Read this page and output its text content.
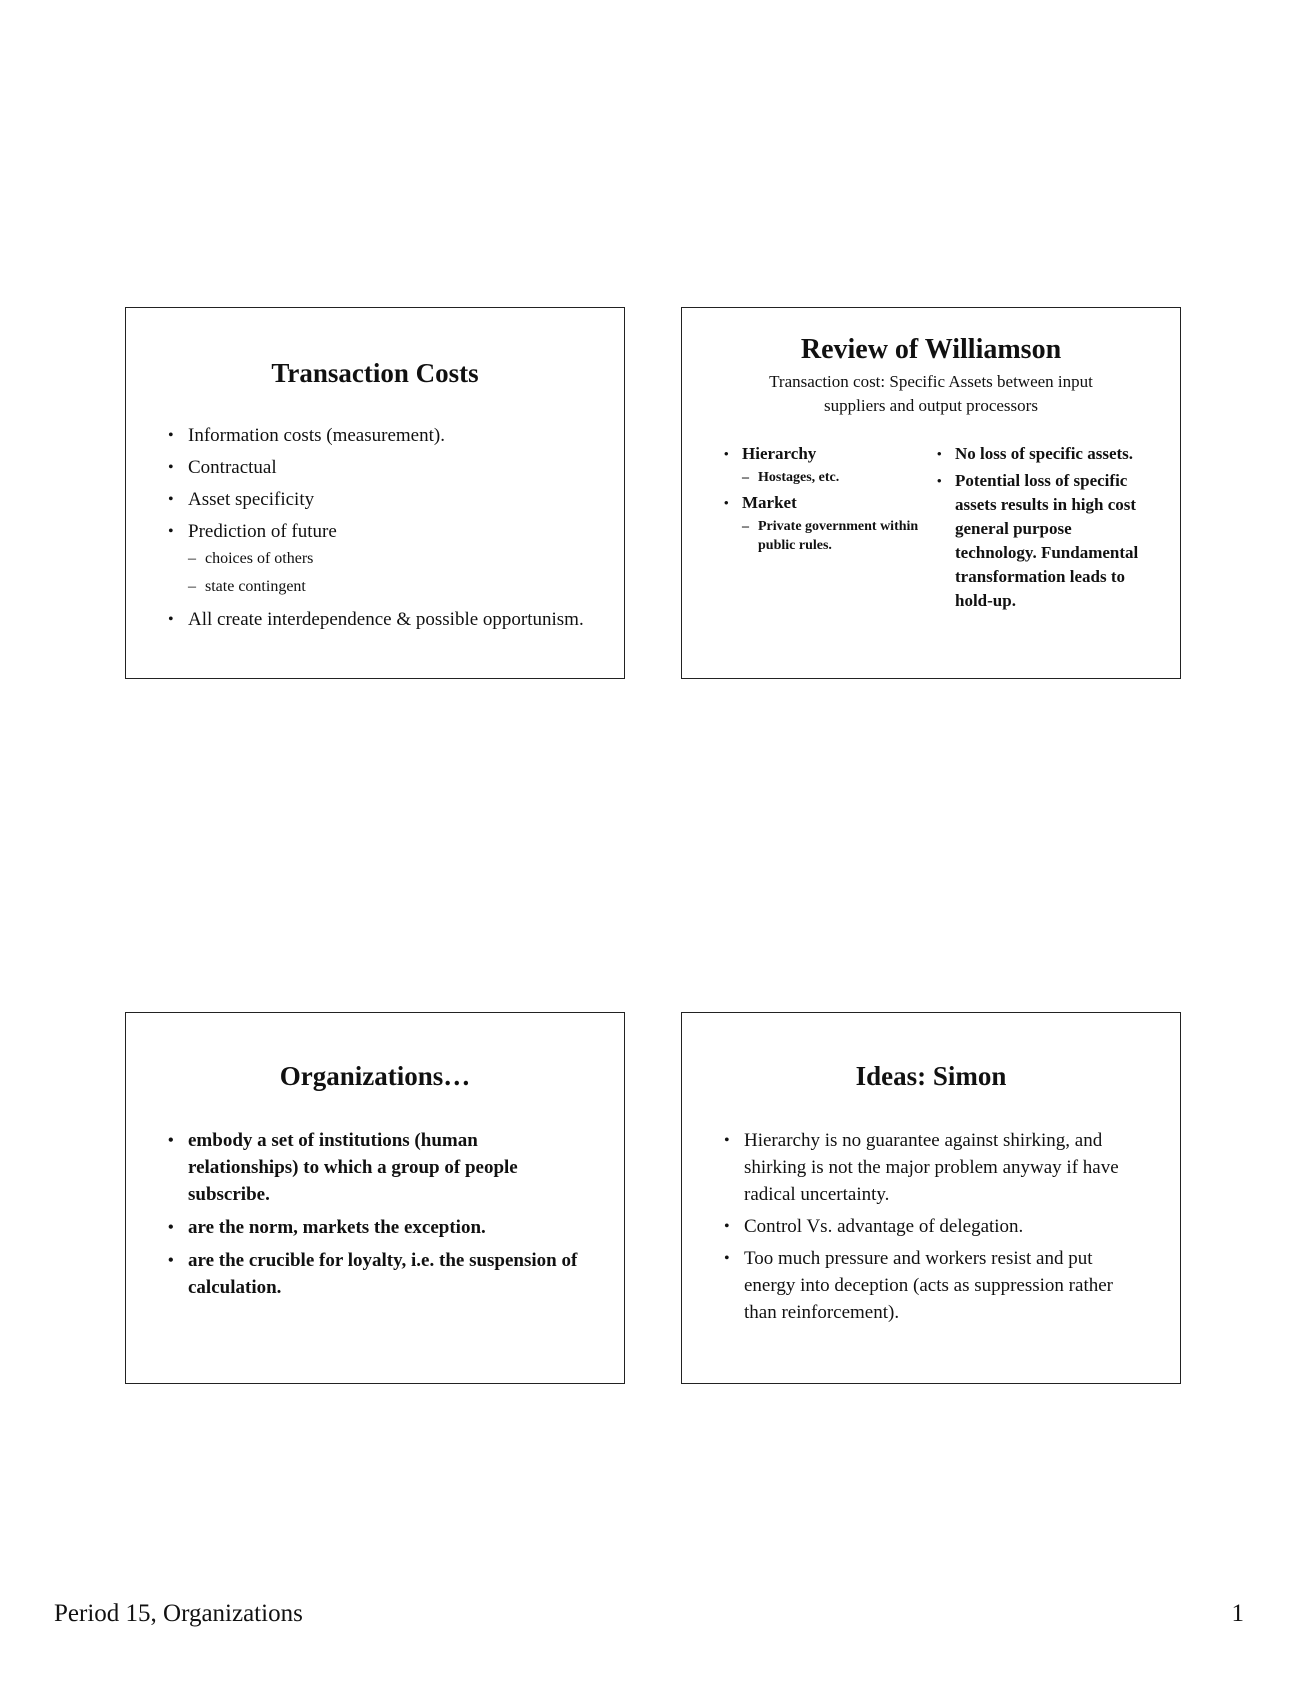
Transaction Costs
• Information costs (measurement).
• Contractual
• Asset specificity
• Prediction of future
– choices of others
– state contingent
• All create interdependence & possible opportunism.
Review of Williamson
Transaction cost: Specific Assets between input suppliers and output processors
• Hierarchy
– Hostages, etc.
• Market
– Private government within public rules.
• No loss of specific assets.
• Potential loss of specific assets results in high cost general purpose technology. Fundamental transformation leads to hold-up.
Organizations…
• embody a set of institutions (human relationships) to which a group of people subscribe.
• are the norm, markets the exception.
• are the crucible for loyalty, i.e. the suspension of calculation.
Ideas: Simon
• Hierarchy is no guarantee against shirking, and shirking is not the major problem anyway if have radical uncertainty.
• Control Vs. advantage of delegation.
• Too much pressure and workers resist and put energy into deception (acts as suppression rather than reinforcement).
Period 15, Organizations	1
